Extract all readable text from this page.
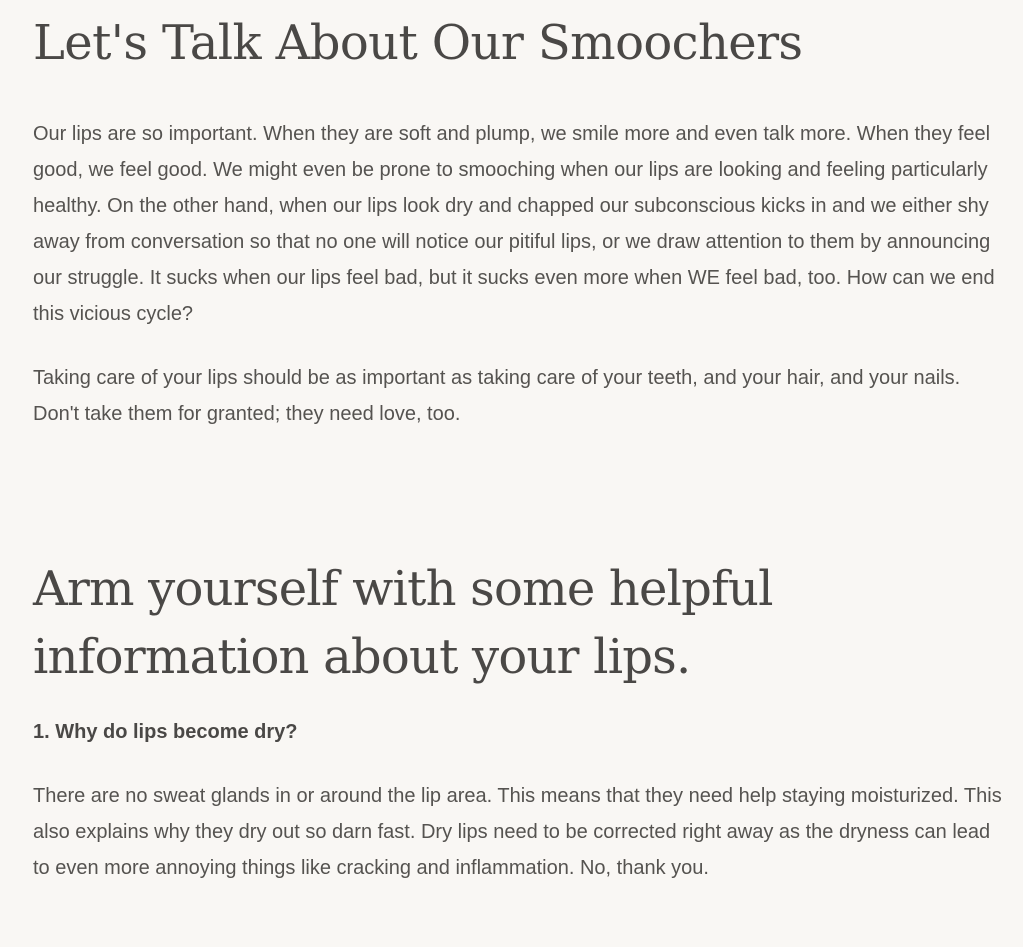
Let's Talk About Our Smoochers

Our lips are so important. When they are soft and plump, we smile more and even talk more. When they feel good, we feel good. We might even be prone to smooching when our lips are looking and feeling particularly healthy. On the other hand, when our lips look dry and chapped our subconscious kicks in and we either shy away from conversation so that no one will notice our pitiful lips, or we draw attention to them by announcing our struggle. It sucks when our lips feel bad, but it sucks even more when WE feel bad, too. How can we end this vicious cycle?

Taking care of your lips should be as important as taking care of your teeth, and your hair, and your nails. Don't take them for granted; they need love, too.

Arm yourself with some helpful information about your lips.
1. Why do lips become dry?

There are no sweat glands in or around the lip area. This means that they need help staying moisturized. This also explains why they dry out so darn fast. Dry lips need to be corrected right away as the dryness can lead to even more annoying things like cracking and inflammation. No, thank you.
